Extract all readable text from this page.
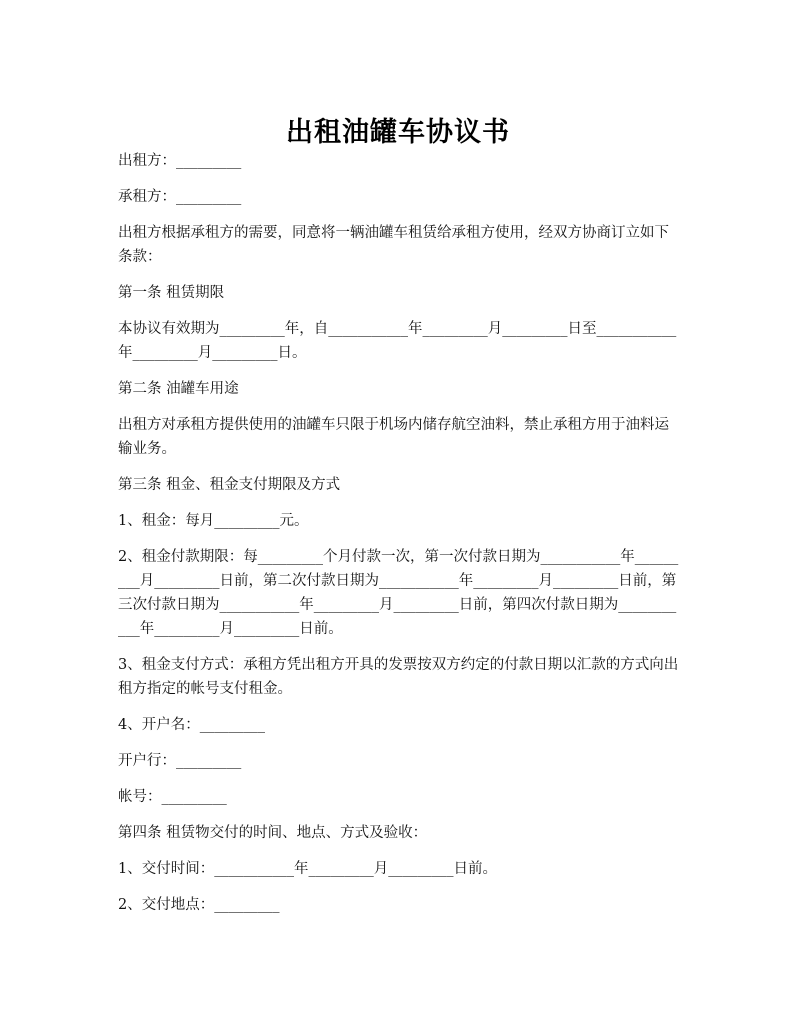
出租油罐车协议书

出租方：_________

承租方：_________

出租方根据承租方的需要，同意将一辆油罐车租赁给承租方使用，经双方协商订立如下条款：

第一条 租赁期限

本协议有效期为_________年，自___________年_________月_________日至___________年_________月_________日。

第二条 油罐车用途

出租方对承租方提供使用的油罐车只限于机场内储存航空油料，禁止承租方用于油料运输业务。

第三条 租金、租金支付期限及方式

1、租金：每月_________元。

2、租金付款期限：每_________个月付款一次，第一次付款日期为___________年_________月_________日前，第二次付款日期为___________年_________月_________日前，第三次付款日期为___________年_________月_________日前，第四次付款日期为___________年_________月_________日前。

3、租金支付方式：承租方凭出租方开具的发票按双方约定的付款日期以汇款的方式向出租方指定的帐号支付租金。

4、开户名：_________

开户行：_________

帐号：_________

第四条 租赁物交付的时间、地点、方式及验收：

1、交付时间：___________年_________月_________日前。

2、交付地点：_________
